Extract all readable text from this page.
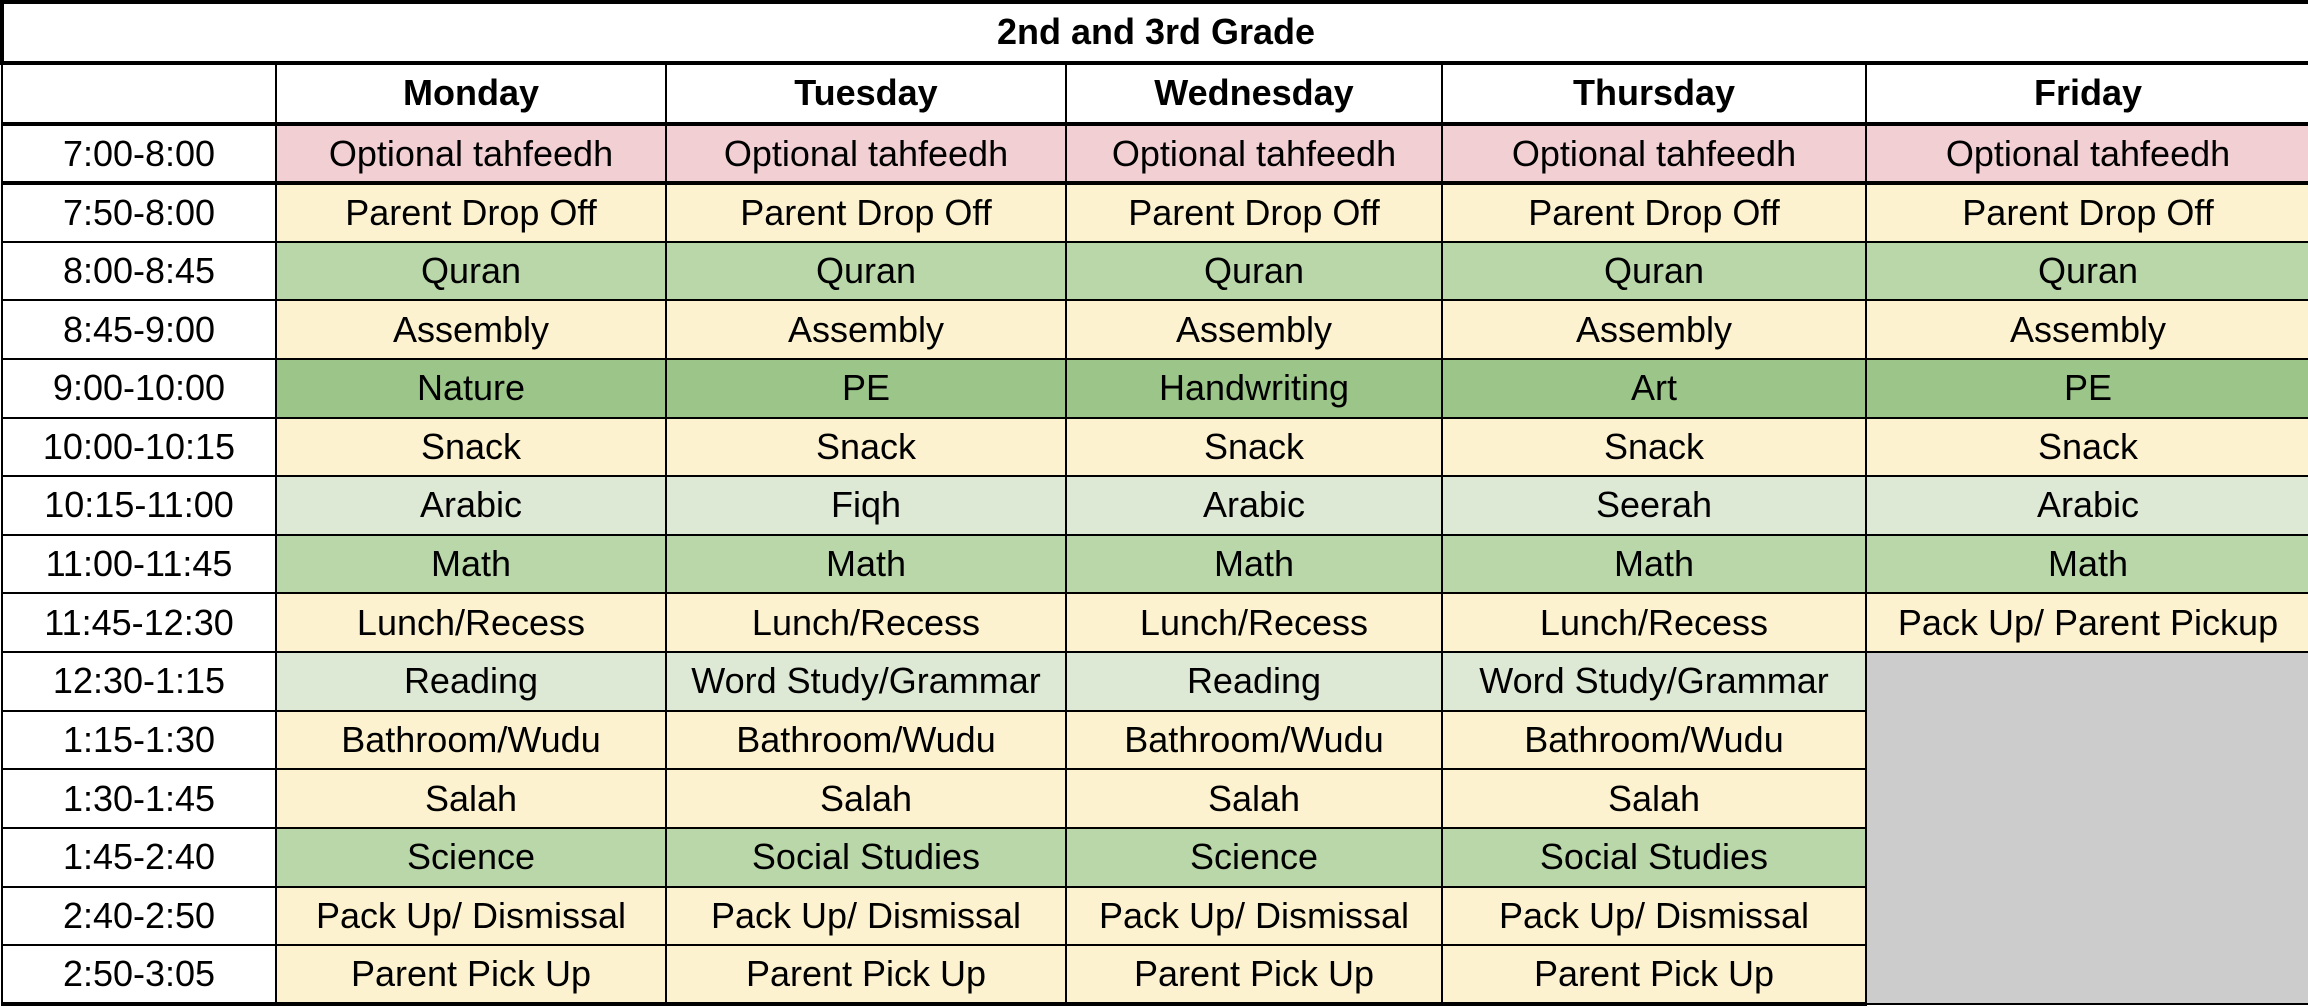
2nd and 3rd Grade					
	Monday	Tuesday	Wednesday	Thursday	Friday
7:00-8:00	Optional tahfeedh	Optional tahfeedh	Optional tahfeedh	Optional tahfeedh	Optional tahfeedh
7:50-8:00	Parent Drop Off	Parent Drop Off	Parent Drop Off	Parent Drop Off	Parent Drop Off
8:00-8:45	Quran	Quran	Quran	Quran	Quran
8:45-9:00	Assembly	Assembly	Assembly	Assembly	Assembly
9:00-10:00	Nature	PE	Handwriting	Art	PE
10:00-10:15	Snack	Snack	Snack	Snack	Snack
10:15-11:00	Arabic	Fiqh	Arabic	Seerah	Arabic
11:00-11:45	Math	Math	Math	Math	Math
11:45-12:30	Lunch/Recess	Lunch/Recess	Lunch/Recess	Lunch/Recess	Pack Up/ Parent Pickup
12:30-1:15	Reading	Word Study/Grammar	Reading	Word Study/Grammar	
1:15-1:30	Bathroom/Wudu	Bathroom/Wudu	Bathroom/Wudu	Bathroom/Wudu	
1:30-1:45	Salah	Salah	Salah	Salah	
1:45-2:40	Science	Social Studies	Science	Social Studies	
2:40-2:50	Pack Up/ Dismissal	Pack Up/ Dismissal	Pack Up/ Dismissal	Pack Up/ Dismissal	
2:50-3:05	Parent Pick Up	Parent Pick Up	Parent Pick Up	Parent Pick Up	
